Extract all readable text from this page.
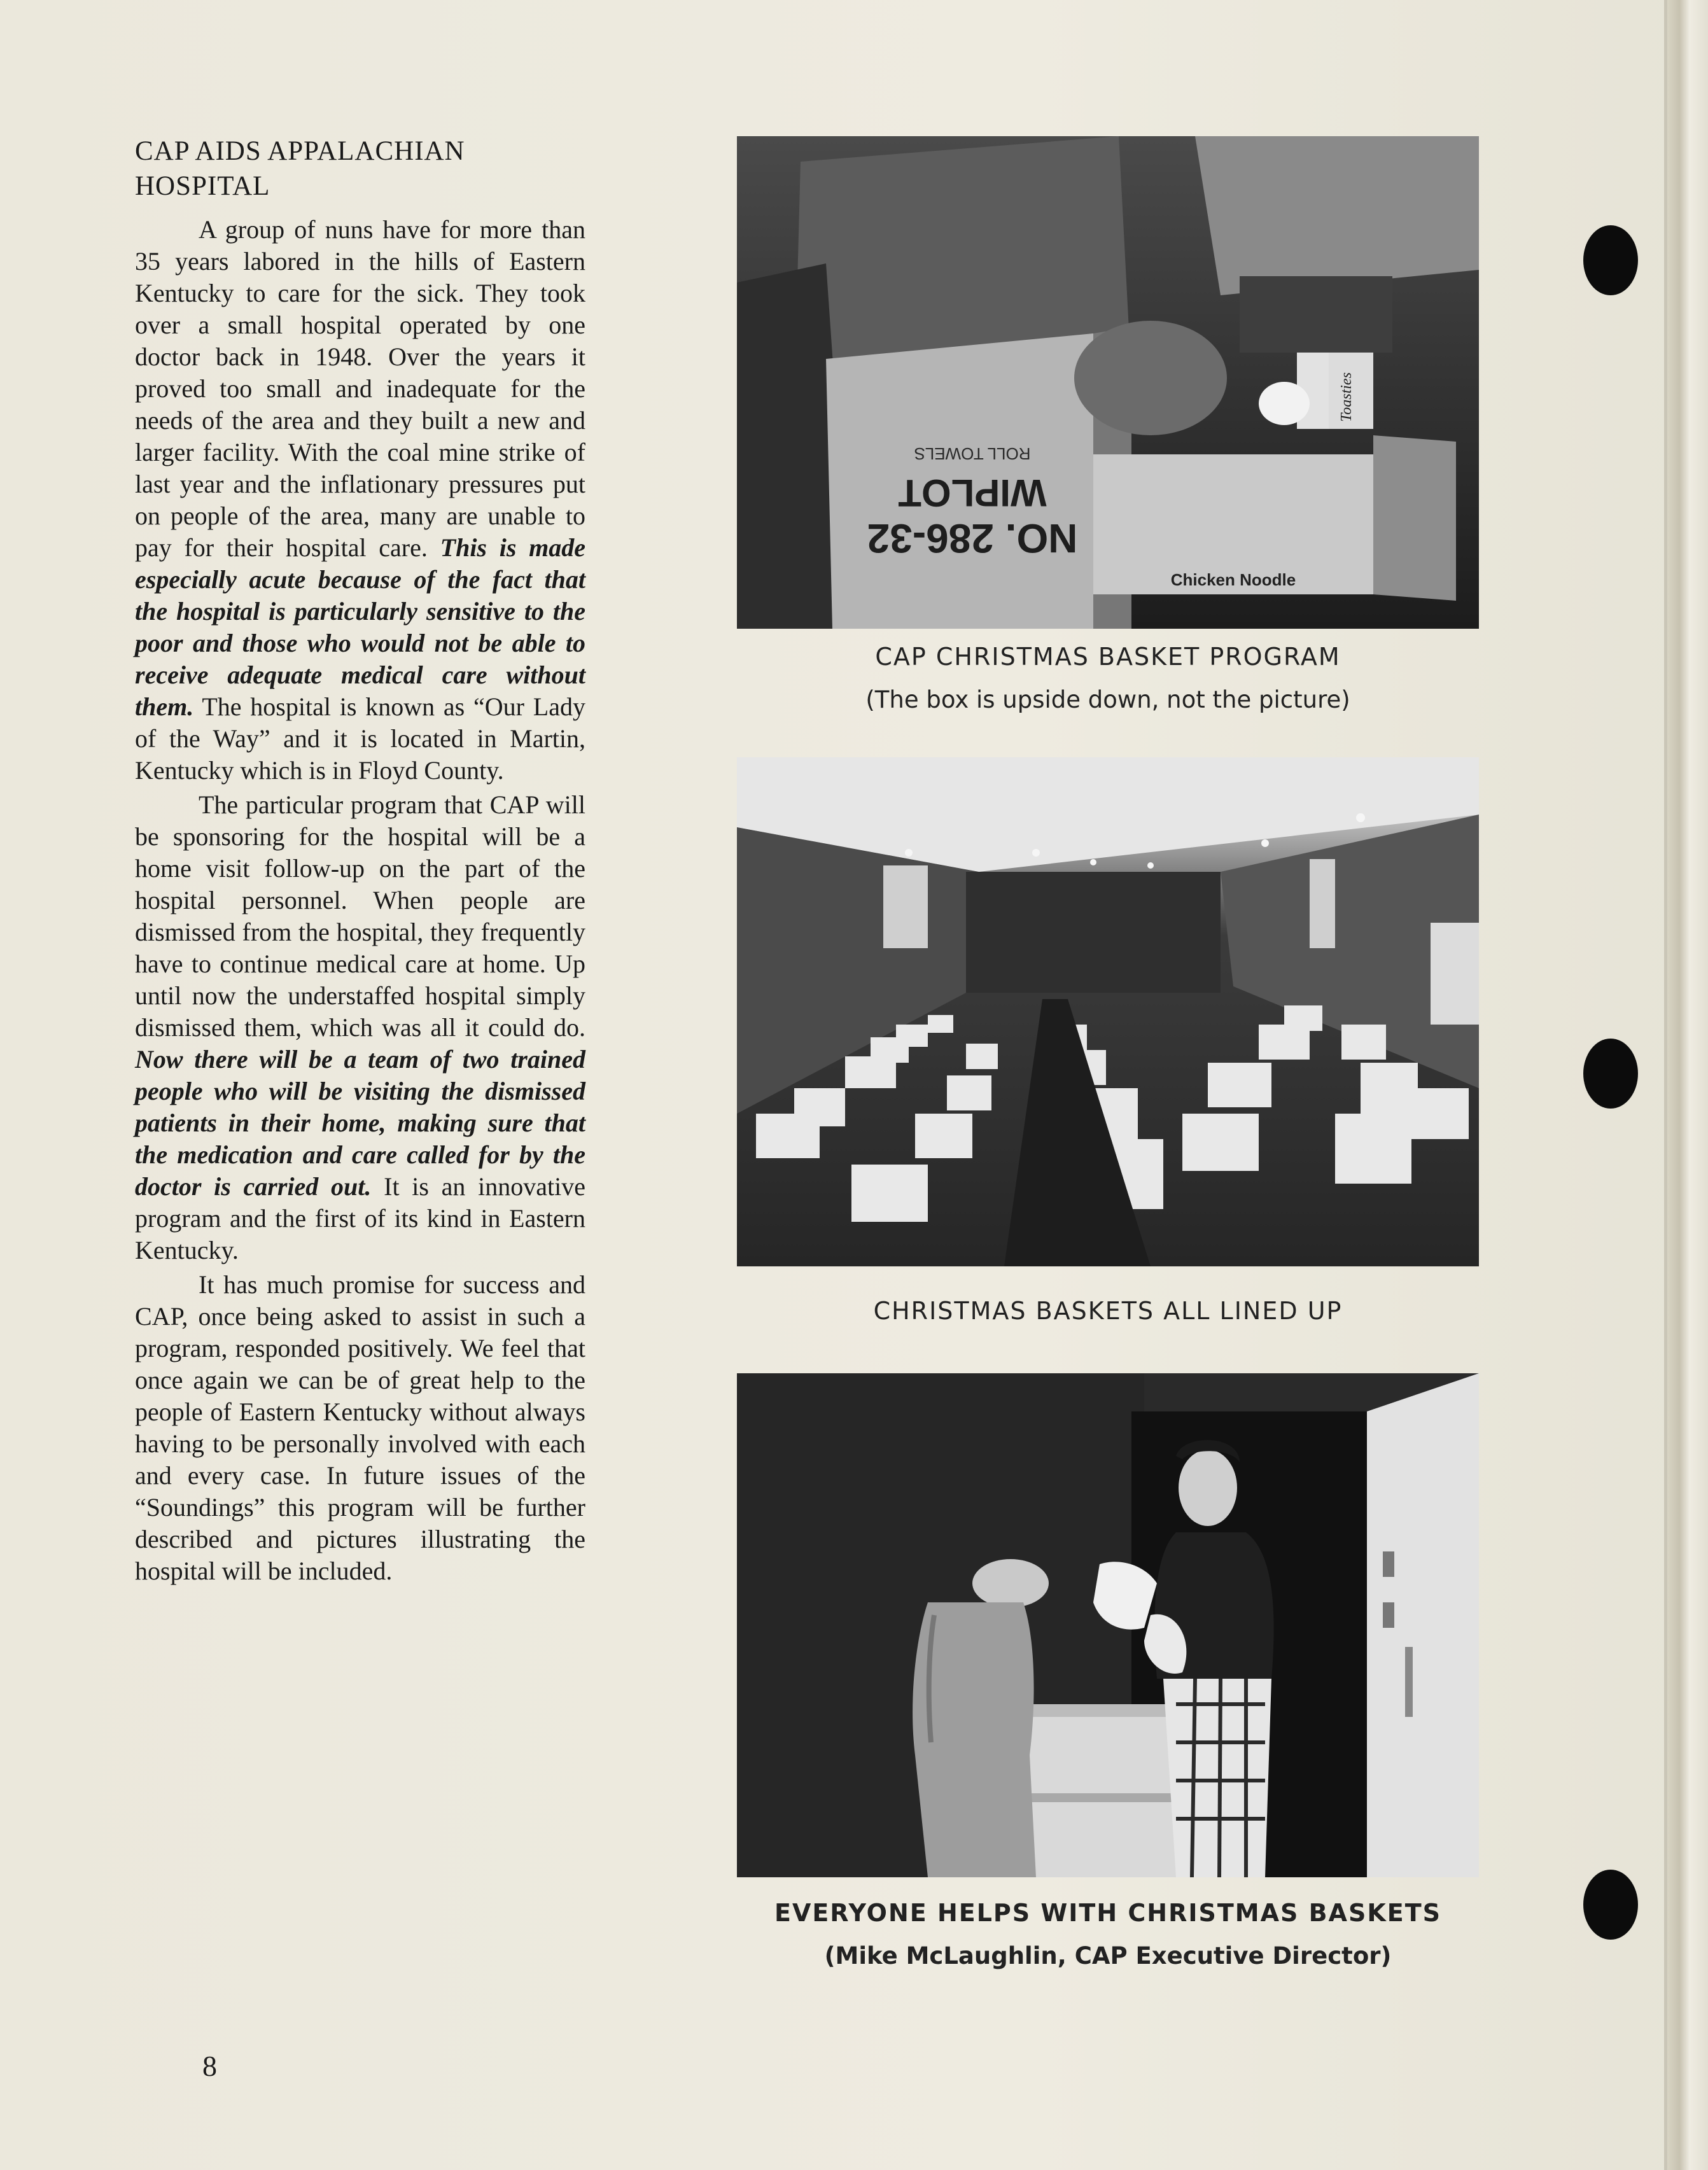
CAP AIDS APPALACHIAN
HOSPITAL

A group of nuns have for more than 35 years labored in the hills of Eastern Kentucky to care for the sick. They took over a small hospital operated by one doctor back in 1948. Over the years it proved too small and inadequate for the needs of the area and they built a new and larger facility. With the coal mine strike of last year and the inflationary pressures put on people of the area, many are unable to pay for their hospital care. This is made especially acute because of the fact that the hospital is particularly sensitive to the poor and those who would not be able to receive adequate medical care without them. The hospital is known as “Our Lady of the Way” and it is located in Martin, Kentucky which is in Floyd County.

The particular program that CAP will be sponsoring for the hospital will be a home visit follow-up on the part of the hospital personnel. When people are dismissed from the hospital, they frequently have to continue medical care at home. Up until now the understaffed hospital simply dismissed them, which was all it could do. Now there will be a team of two trained people who will be visiting the dismissed patients in their home, making sure that the medication and care called for by the doctor is carried out. It is an innovative program and the first of its kind in Eastern Kentucky.

It has much promise for success and CAP, once being asked to assist in such a program, responded positively. We feel that once again we can be of great help to the people of Eastern Kentucky without always having to be personally involved with each and every case. In future issues of the “Soundings” this program will be further described and pictures illustrating the hospital will be included.

NO. 286-32
WIPLOT
ROLL TOWELS
Chicken Noodle
Toasties
CAP CHRISTMAS BASKET PROGRAM
(The box is upside down, not the picture)
CHRISTMAS BASKETS ALL LINED UP
EVERYONE HELPS WITH CHRISTMAS BASKETS
(Mike McLaughlin, CAP Executive Director)
8
